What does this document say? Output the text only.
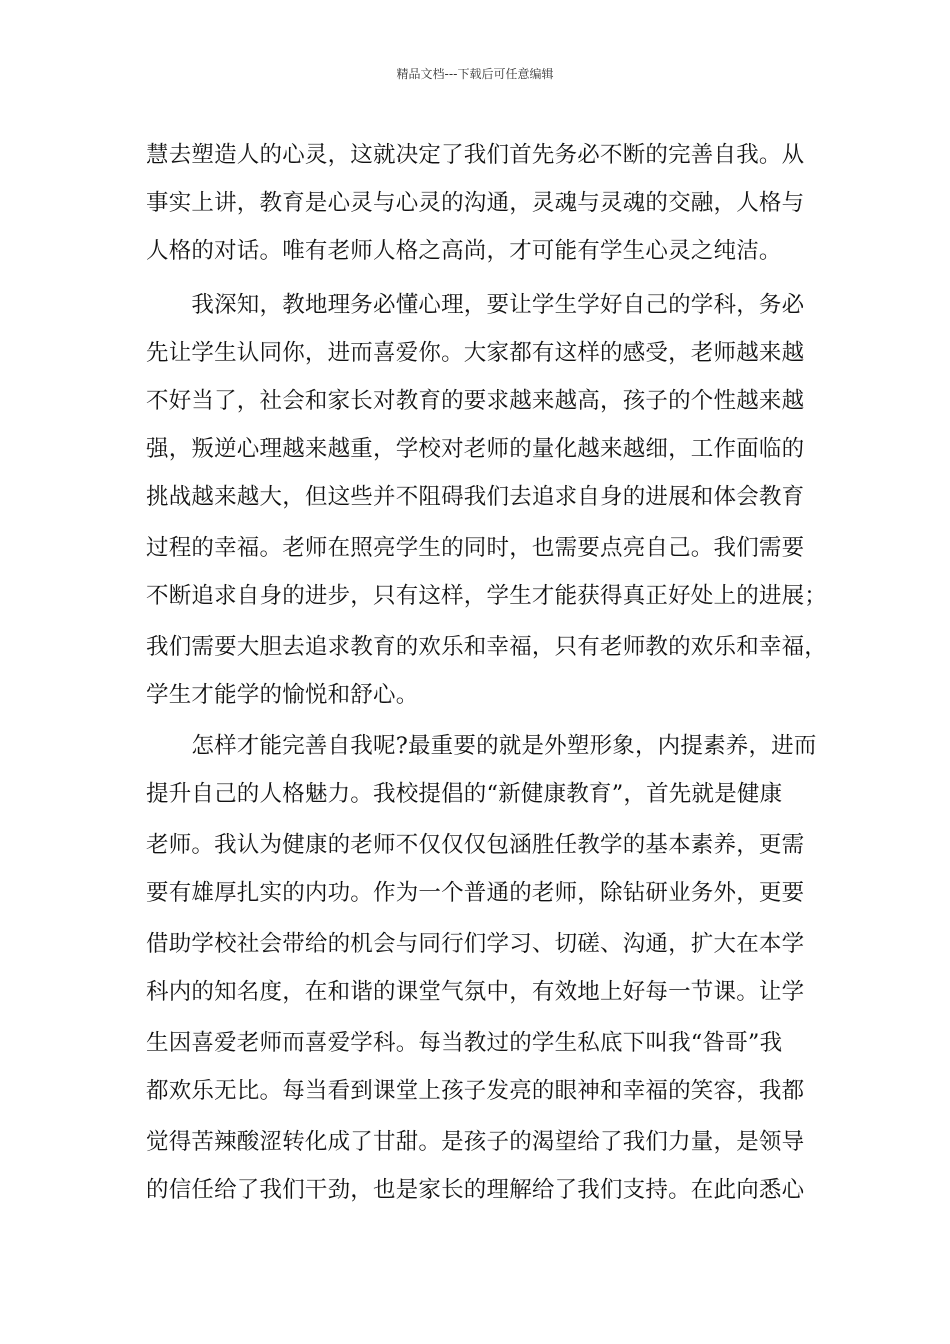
精品文档---下载后可任意编辑
慧去塑造人的心灵，这就决定了我们首先务必不断的完善自我。从
事实上讲，教育是心灵与心灵的沟通，灵魂与灵魂的交融，人格与
人格的对话。唯有老师人格之高尚，才可能有学生心灵之纯洁。
　　我深知，教地理务必懂心理，要让学生学好自己的学科，务必
先让学生认同你，进而喜爱你。大家都有这样的感受，老师越来越
不好当了，社会和家长对教育的要求越来越高，孩子的个性越来越
强，叛逆心理越来越重，学校对老师的量化越来越细，工作面临的
挑战越来越大，但这些并不阻碍我们去追求自身的进展和体会教育
过程的幸福。老师在照亮学生的同时，也需要点亮自己。我们需要
不断追求自身的进步，只有这样，学生才能获得真正好处上的进展；
我们需要大胆去追求教育的欢乐和幸福，只有老师教的欢乐和幸福，
学生才能学的愉悦和舒心。
　　怎样才能完善自我呢?最重要的就是外塑形象，内提素养，进而
提升自己的人格魅力。我校提倡的“新健康教育”，首先就是健康
老师。我认为健康的老师不仅仅仅包涵胜任教学的基本素养，更需
要有雄厚扎实的内功。作为一个普通的老师，除钻研业务外，更要
借助学校社会带给的机会与同行们学习、切磋、沟通，扩大在本学
科内的知名度，在和谐的课堂气氛中，有效地上好每一节课。让学
生因喜爱老师而喜爱学科。每当教过的学生私底下叫我“昝哥”我
都欢乐无比。每当看到课堂上孩子发亮的眼神和幸福的笑容，我都
觉得苦辣酸涩转化成了甘甜。是孩子的渴望给了我们力量，是领导
的信任给了我们干劲，也是家长的理解给了我们支持。在此向悉心
